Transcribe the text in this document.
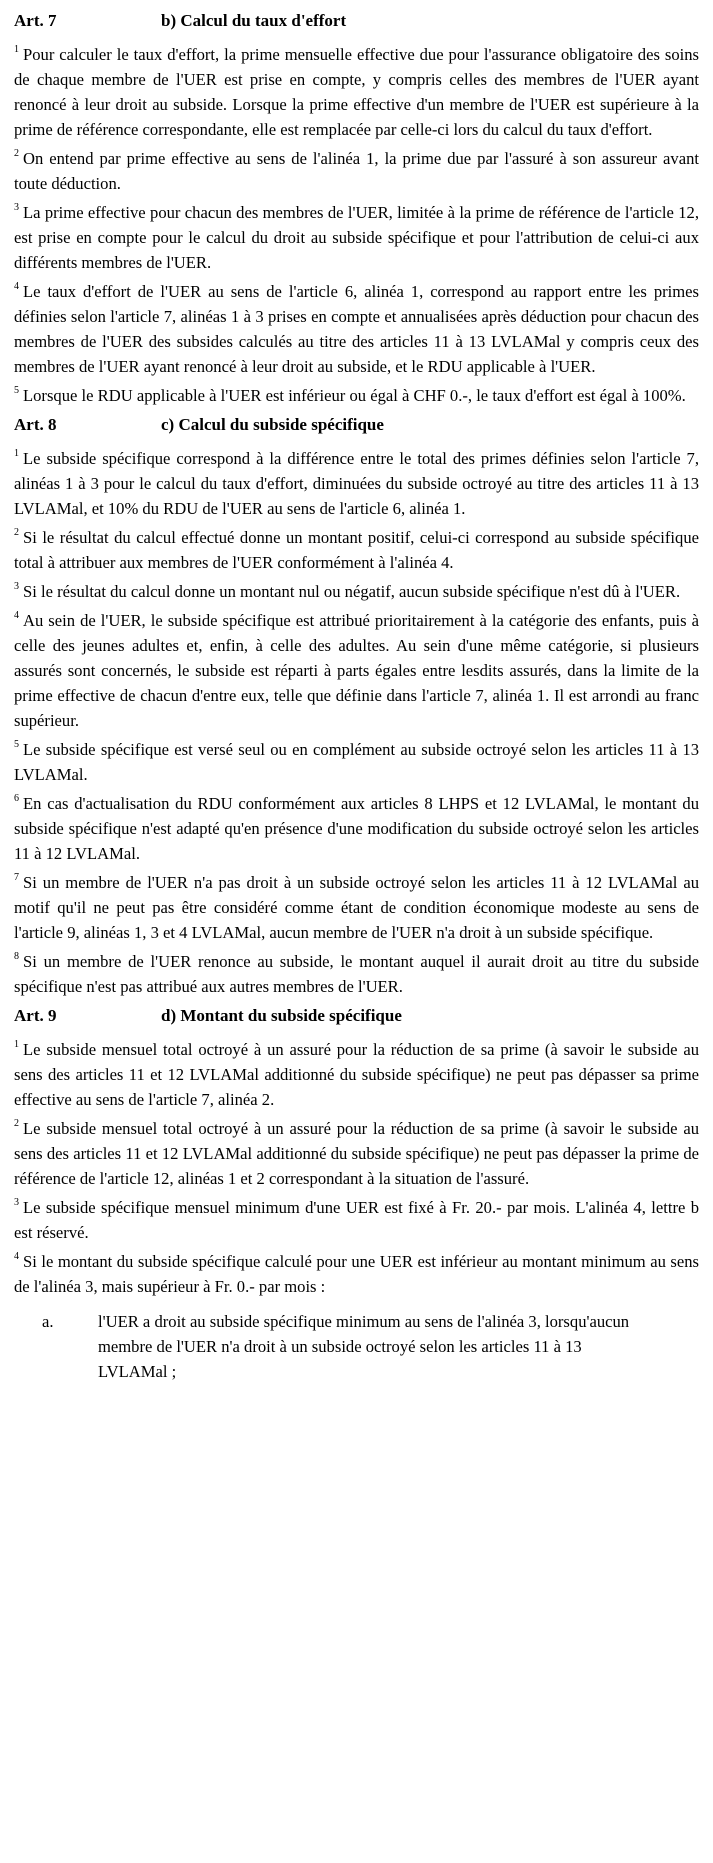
Art. 7	b) Calcul du taux d'effort

$^1$ Pour calculer le taux d'effort, la prime mensuelle effective due pour l'assurance obligatoire des soins de chaque membre de l'UER est prise en compte, y compris celles des membres de l'UER ayant renoncé à leur droit au subside. Lorsque la prime effective d'un membre de l'UER est supérieure à la prime de référence correspondante, elle est remplacée par celle-ci lors du calcul du taux d'effort.

$^2$ On entend par prime effective au sens de l'alinéa 1, la prime due par l'assuré à son assureur avant toute déduction.

$^3$ La prime effective pour chacun des membres de l'UER, limitée à la prime de référence de l'article 12, est prise en compte pour le calcul du droit au subside spécifique et pour l'attribution de celui-ci aux différents membres de l'UER.

$^4$ Le taux d'effort de l'UER au sens de l'article 6, alinéa 1, correspond au rapport entre les primes définies selon l'article 7, alinéas 1 à 3 prises en compte et annualisées après déduction pour chacun des membres de l'UER des subsides calculés au titre des articles 11 à 13 LVLAMal y compris ceux des membres de l'UER ayant renoncé à leur droit au subside, et le RDU applicable à l'UER.

$^5$ Lorsque le RDU applicable à l'UER est inférieur ou égal à CHF 0.-, le taux d'effort est égal à 100%.

Art. 8	c) Calcul du subside spécifique

$^1$ Le subside spécifique correspond à la différence entre le total des primes définies selon l'article 7, alinéas 1 à 3 pour le calcul du taux d'effort, diminuées du subside octroyé au titre des articles 11 à 13 LVLAMal, et 10% du RDU de l'UER au sens de l'article 6, alinéa 1.

$^2$ Si le résultat du calcul effectué donne un montant positif, celui-ci correspond au subside spécifique total à attribuer aux membres de l'UER conformément à l'alinéa 4.

$^3$ Si le résultat du calcul donne un montant nul ou négatif, aucun subside spécifique n'est dû à l'UER.

$^4$ Au sein de l'UER, le subside spécifique est attribué prioritairement à la catégorie des enfants, puis à celle des jeunes adultes et, enfin, à celle des adultes. Au sein d'une même catégorie, si plusieurs assurés sont concernés, le subside est réparti à parts égales entre lesdits assurés, dans la limite de la prime effective de chacun d'entre eux, telle que définie dans l'article 7, alinéa 1. Il est arrondi au franc supérieur.

$^5$ Le subside spécifique est versé seul ou en complément au subside octroyé selon les articles 11 à 13 LVLAMal.

$^6$ En cas d'actualisation du RDU conformément aux articles 8 LHPS et 12 LVLAMal, le montant du subside spécifique n'est adapté qu'en présence d'une modification du subside octroyé selon les articles 11 à 12 LVLAMal.

$^7$ Si un membre de l'UER n'a pas droit à un subside octroyé selon les articles 11 à 12 LVLAMal au motif qu'il ne peut pas être considéré comme étant de condition économique modeste au sens de l'article 9, alinéas 1, 3 et 4 LVLAMal, aucun membre de l'UER n'a droit à un subside spécifique.

$^8$ Si un membre de l'UER renonce au subside, le montant auquel il aurait droit au titre du subside spécifique n'est pas attribué aux autres membres de l'UER.

Art. 9	d) Montant du subside spécifique

$^1$ Le subside mensuel total octroyé à un assuré pour la réduction de sa prime (à savoir le subside au sens des articles 11 et 12 LVLAMal additionné du subside spécifique) ne peut pas dépasser sa prime effective au sens de l'article 7, alinéa 2.

$^2$ Le subside mensuel total octroyé à un assuré pour la réduction de sa prime (à savoir le subside au sens des articles 11 et 12 LVLAMal additionné du subside spécifique) ne peut pas dépasser la prime de référence de l'article 12, alinéas 1 et 2 correspondant à la situation de l'assuré.

$^3$ Le subside spécifique mensuel minimum d'une UER est fixé à Fr. 20.- par mois. L'alinéa 4, lettre b est réservé.

$^4$ Si le montant du subside spécifique calculé pour une UER est inférieur au montant minimum au sens de l'alinéa 3, mais supérieur à Fr. 0.- par mois :

a.	l'UER a droit au subside spécifique minimum au sens de l'alinéa 3, lorsqu'aucun membre de l'UER n'a droit à un subside octroyé selon les articles 11 à 13 LVLAMal ;
